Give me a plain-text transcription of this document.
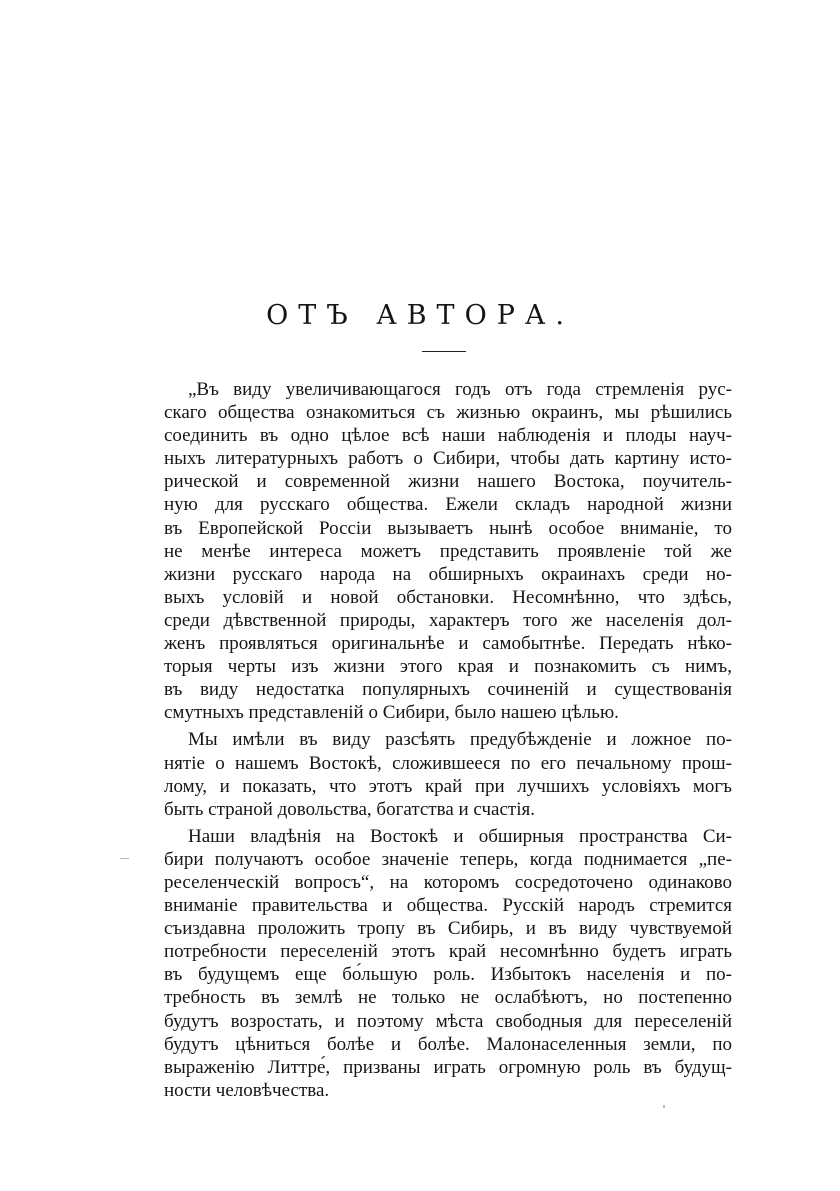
ОТЪ АВТОРА.
„Въ виду увеличивающагося годъ отъ года стремленія рус-
скаго общества ознакомиться съ жизнью окраинъ, мы рѣшились
соединить въ одно цѣлое всѣ наши наблюденія и плоды науч-
ныхъ литературныхъ работъ о Сибири, чтобы дать картину исто-
рической и современной жизни нашего Востока, поучитель-
ную для русскаго общества. Ежели складъ народной жизни
въ Европейской Россіи вызываетъ нынѣ особое вниманіе, то
не менѣе интереса можетъ представить проявленіе той же
жизни русскаго народа на обширныхъ окраинахъ среди но-
выхъ условій и новой обстановки. Несомнѣнно, что здѣсь,
среди дѣвственной природы, характеръ того же населенія дол-
женъ проявляться оригинальнѣе и самобытнѣе. Передать нѣко-
торыя черты изъ жизни этого края и познакомить съ нимъ,
въ виду недостатка популярныхъ сочиненій и существованія
смутныхъ представленій о Сибири, было нашею цѣлью.
Мы имѣли въ виду разсѣять предубѣжденіе и ложное по-
нятіе о нашемъ Востокѣ, сложившееся по его печальному прош-
лому, и показать, что этотъ край при лучшихъ условіяхъ могъ
быть страной довольства, богатства и счастія.
Наши владѣнія на Востокѣ и обширныя пространства Си-
бири получаютъ особое значеніе теперь, когда поднимается „пе-
реселенческій вопросъ“, на которомъ сосредоточено одинаково
вниманіе правительства и общества. Русскій народъ стремится
съиздавна проложить тропу въ Сибирь, и въ виду чувствуемой
потребности переселеній этотъ край несомнѣнно будетъ играть
въ будущемъ еще бо́льшую роль. Избытокъ населенія и по-
требность въ землѣ не только не ослабѣютъ, но постепенно
будутъ возростать, и поэтому мѣста свободныя для переселеній
будутъ цѣниться болѣе и болѣе. Малонаселенныя земли, по
выраженію Литтре́, призваны играть огромную роль въ будущ-
ности человѣчества.
